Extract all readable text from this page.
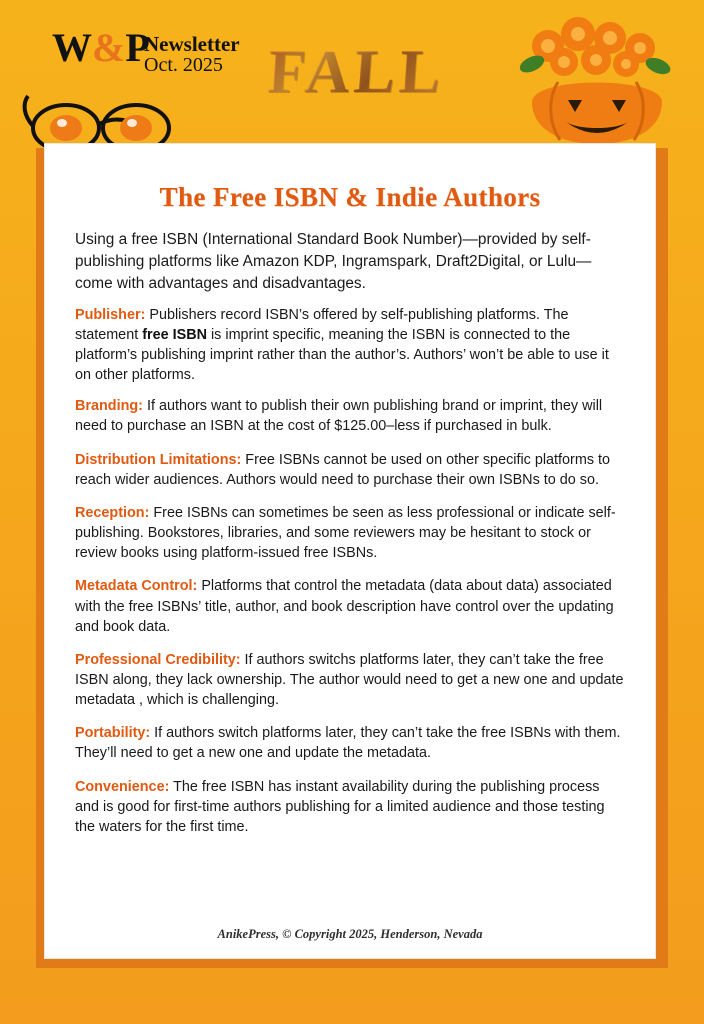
W&P
Newsletter
Oct. 2025 FALL
The Free ISBN & Indie Authors
Using a free ISBN (International Standard Book Number)—provided by self-publishing platforms like Amazon KDP, Ingramspark, Draft2Digital, or Lulu—come with advantages and disadvantages.
Publisher: Publishers record ISBN’s offered by self-publishing platforms. The statement free ISBN is imprint specific, meaning the ISBN is connected to the platform’s publishing imprint rather than the author’s. Authors’ won’t be able to use it on other platforms.
Branding: If authors want to publish their own publishing brand or imprint, they will need to purchase an ISBN at the cost of $125.00–less if purchased in bulk.
Distribution Limitations: Free ISBNs cannot be used on other specific platforms to reach wider audiences. Authors would need to purchase their own ISBNs to do so.
Reception: Free ISBNs can sometimes be seen as less professional or indicate self-publishing. Bookstores, libraries, and some reviewers may be hesitant to stock or review books using platform-issued free ISBNs.
Metadata Control: Platforms that control the metadata (data about data) associated with the free ISBNs’ title, author, and book description have control over the updating and book data.
Professional Credibility: If authors switchs platforms later, they can’t take the free ISBN along, they lack ownership. The author would need to get a new one and update metadata , which is challenging.
Portability: If authors switch platforms later, they can’t take the free ISBNs with them. They’ll need to get a new one and update the metadata.
Convenience: The free ISBN has instant availability during the publishing process and is good for first-time authors publishing for a limited audience and those testing the waters for the first time.
AnikePress, © Copyright 2025, Henderson, Nevada
